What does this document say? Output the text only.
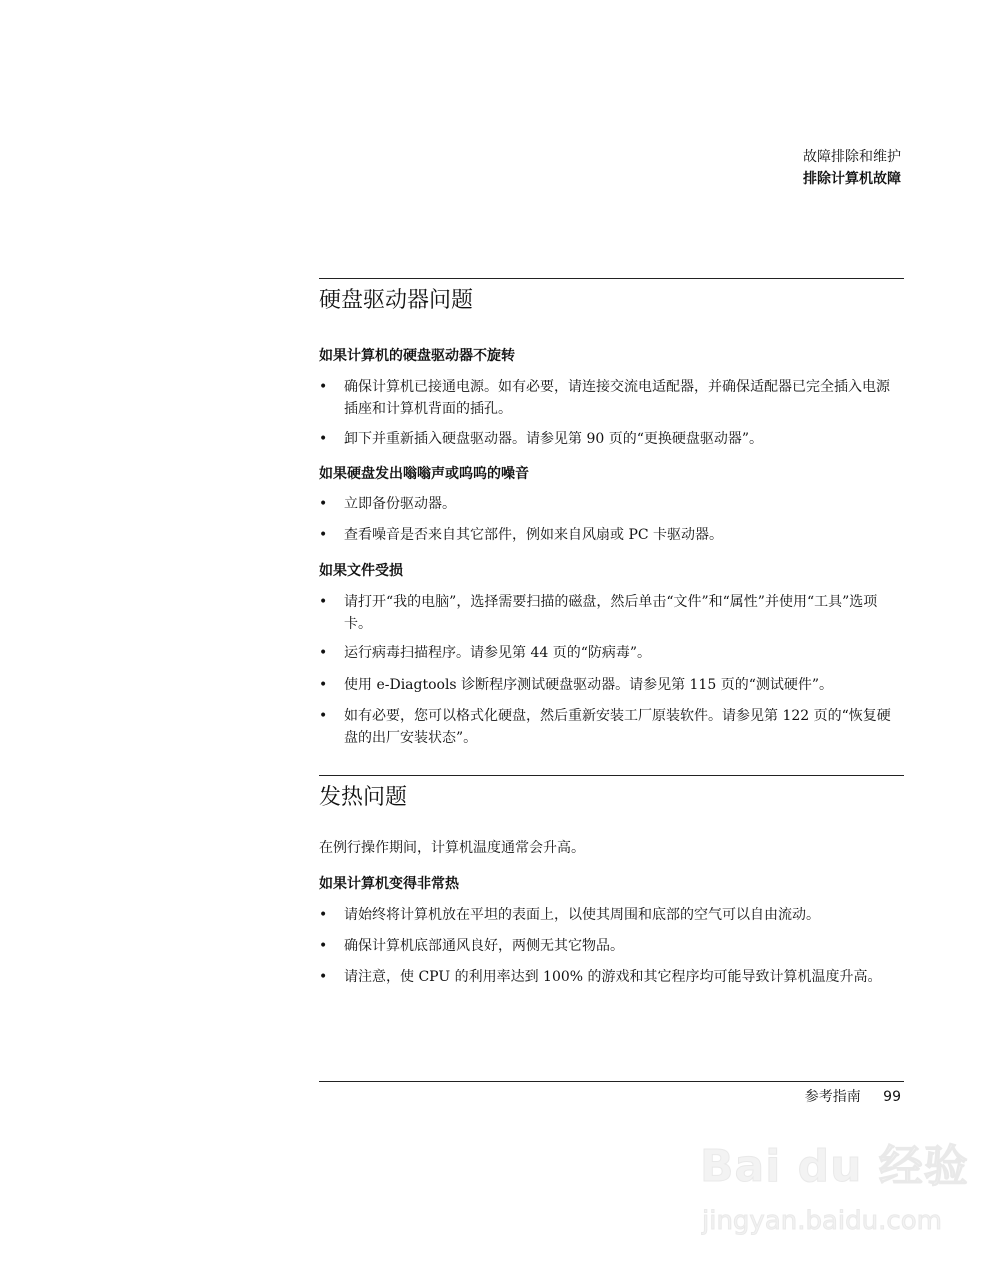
故障排除和维护
排除计算机故障
硬盘驱动器问题
如果计算机的硬盘驱动器不旋转
•	确保计算机已接通电源。如有必要，请连接交流电适配器，并确保适配器已完全插入电源插座和计算机背面的插孔。
•	卸下并重新插入硬盘驱动器。请参见第 90 页的“更换硬盘驱动器”。
如果硬盘发出嗡嗡声或呜呜的噪音
•	立即备份驱动器。
•	查看噪音是否来自其它部件，例如来自风扇或 PC 卡驱动器。
如果文件受损
•	请打开“我的电脑”，选择需要扫描的磁盘，然后单击“文件”和“属性”并使用“工具”选项卡。
•	运行病毒扫描程序。请参见第 44 页的“防病毒”。
•	使用 e-Diagtools 诊断程序测试硬盘驱动器。请参见第 115 页的“测试硬件”。
•	如有必要，您可以格式化硬盘，然后重新安装工厂原装软件。请参见第 122 页的“恢复硬盘的出厂安装状态”。
发热问题

在例行操作期间，计算机温度通常会升高。

如果计算机变得非常热
•	请始终将计算机放在平坦的表面上，以使其周围和底部的空气可以自由流动。
•	确保计算机底部通风良好，两侧无其它物品。
•	请注意，使 CPU 的利用率达到 100% 的游戏和其它程序均可能导致计算机温度升高。
参考指南 99
Bai du 经验
jingyan.baidu.com
